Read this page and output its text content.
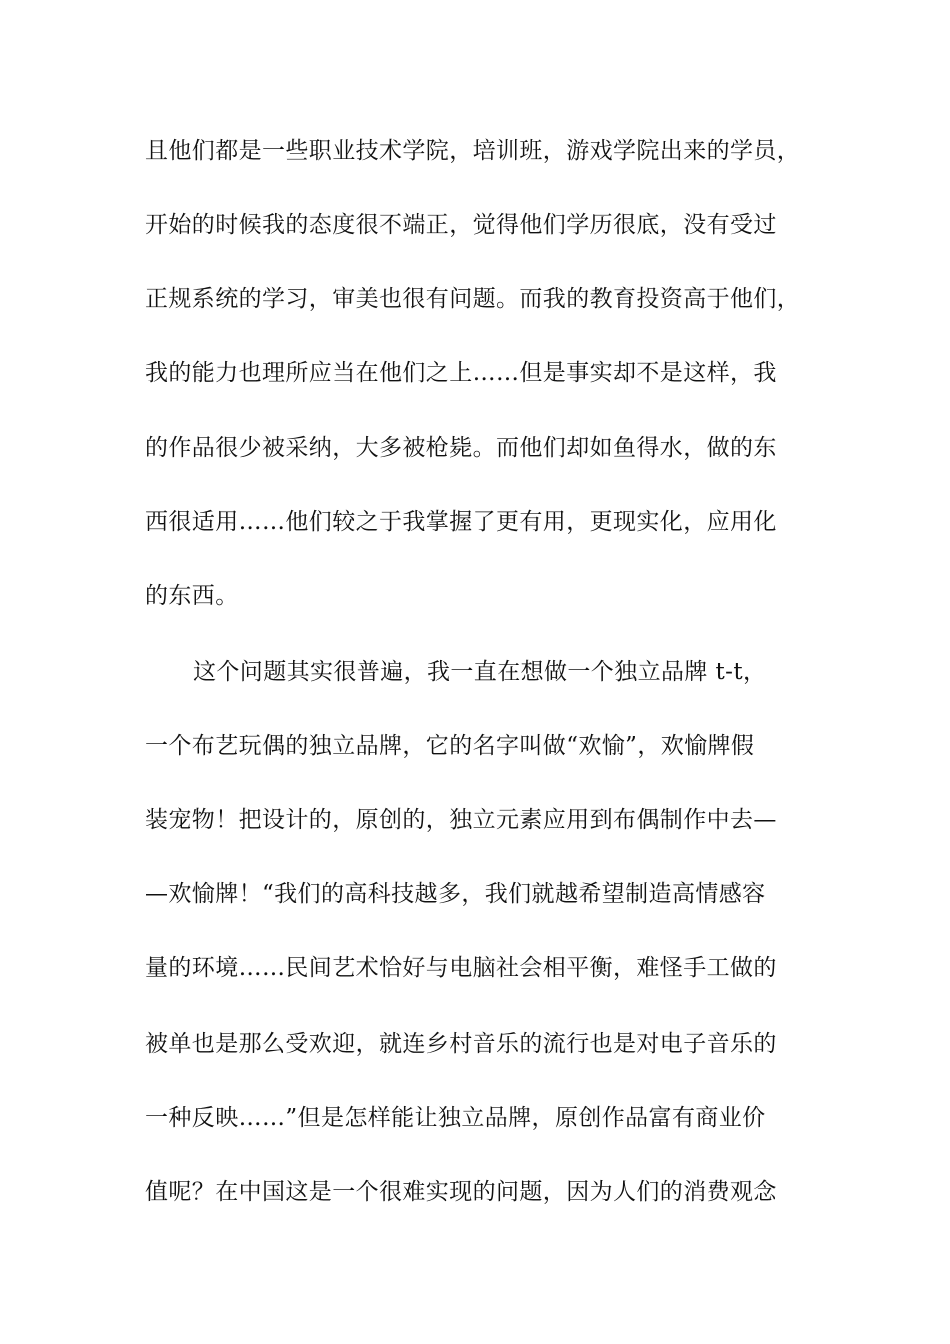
且他们都是一些职业技术学院，培训班，游戏学院出来的学员，
开始的时候我的态度很不端正，觉得他们学历很底，没有受过
正规系统的学习，审美也很有问题。而我的教育投资高于他们，
我的能力也理所应当在他们之上……但是事实却不是这样，我
的作品很少被采纳，大多被枪毙。而他们却如鱼得水，做的东
西很适用……他们较之于我掌握了更有用，更现实化，应用化
的东西。
这个问题其实很普遍，我一直在想做一个独立品牌 t-t，
一个布艺玩偶的独立品牌，它的名字叫做“欢愉”，欢愉牌假
装宠物！把设计的，原创的，独立元素应用到布偶制作中去—
—欢愉牌！“我们的高科技越多，我们就越希望制造高情感容
量的环境……民间艺术恰好与电脑社会相平衡，难怪手工做的
被单也是那么受欢迎，就连乡村音乐的流行也是对电子音乐的
一种反映……”但是怎样能让独立品牌，原创作品富有商业价
值呢？在中国这是一个很难实现的问题，因为人们的消费观念
